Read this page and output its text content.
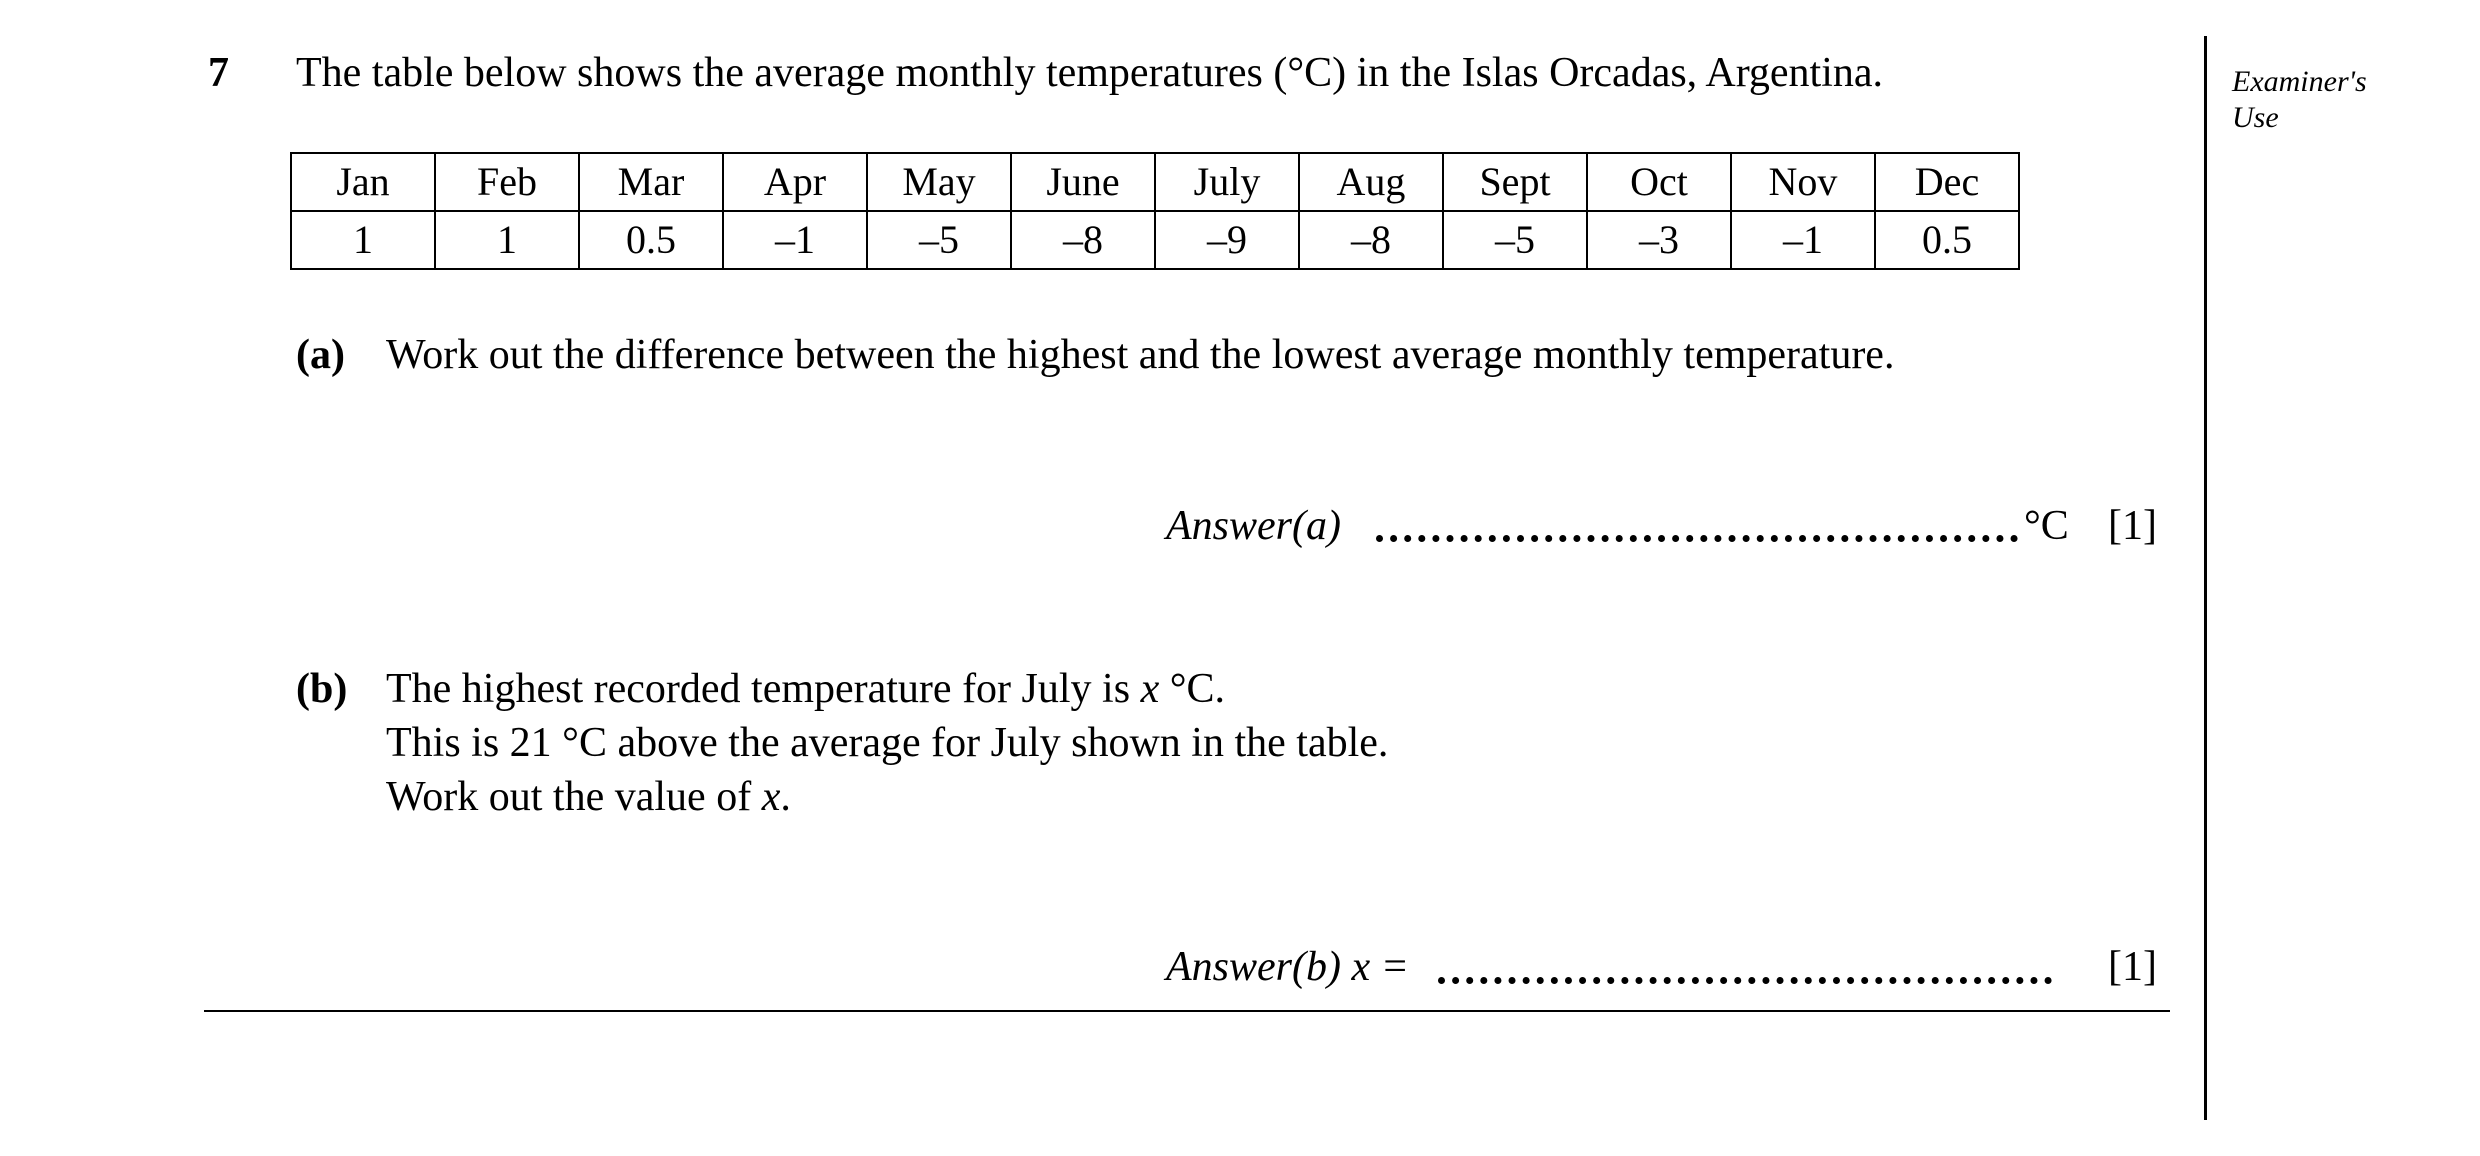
7 The table below shows the average monthly temperatures (°C) in the Islas Orcadas, Argentina.
Jan	Feb	Mar	Apr	May	June	July	Aug	Sept	Oct	Nov	Dec
1	1	0.5	–1	–5	–8	–9	–8	–5	–3	–1	0.5
(a) Work out the difference between the highest and the lowest average monthly temperature.
Answer(a)	°C [1]
(b) The highest recorded temperature for July is x °C.
This is 21 °C above the average for July shown in the table.
Work out the value of x.
Answer(b) x =	[1]
Examiner's
Use
